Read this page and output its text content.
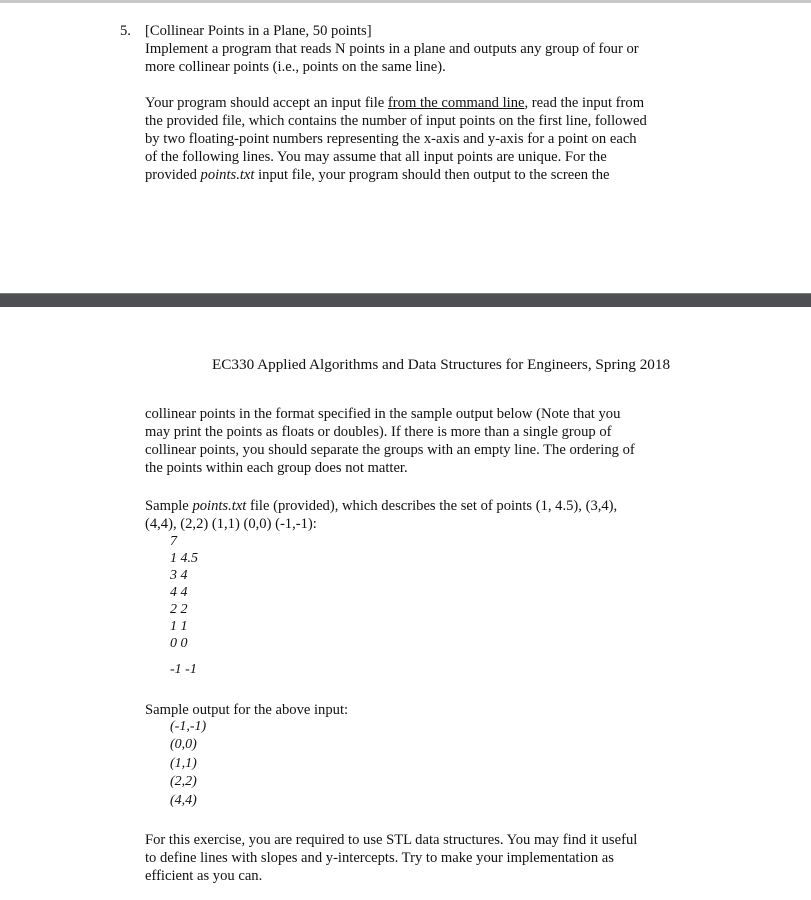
5. [Collinear Points in a Plane, 50 points]
Implement a program that reads N points in a plane and outputs any group of four or
more collinear points (i.e., points on the same line).
Your program should accept an input file from the command line, read the input from
the provided file, which contains the number of input points on the first line, followed
by two floating-point numbers representing the x-axis and y-axis for a point on each
of the following lines. You may assume that all input points are unique. For the
provided points.txt input file, your program should then output to the screen the
EC330 Applied Algorithms and Data Structures for Engineers, Spring 2018
collinear points in the format specified in the sample output below (Note that you
may print the points as floats or doubles). If there is more than a single group of
collinear points, you should separate the groups with an empty line. The ordering of
the points within each group does not matter.
Sample points.txt file (provided), which describes the set of points (1, 4.5), (3,4),
(4,4), (2,2) (1,1) (0,0) (-1,-1):
7
1 4.5
3 4
4 4
2 2
1 1
0 0
-1 -1
Sample output for the above input:
(-1,-1)
(0,0)
(1,1)
(2,2)
(4,4)
For this exercise, you are required to use STL data structures. You may find it useful
to define lines with slopes and y-intercepts. Try to make your implementation as
efficient as you can.
